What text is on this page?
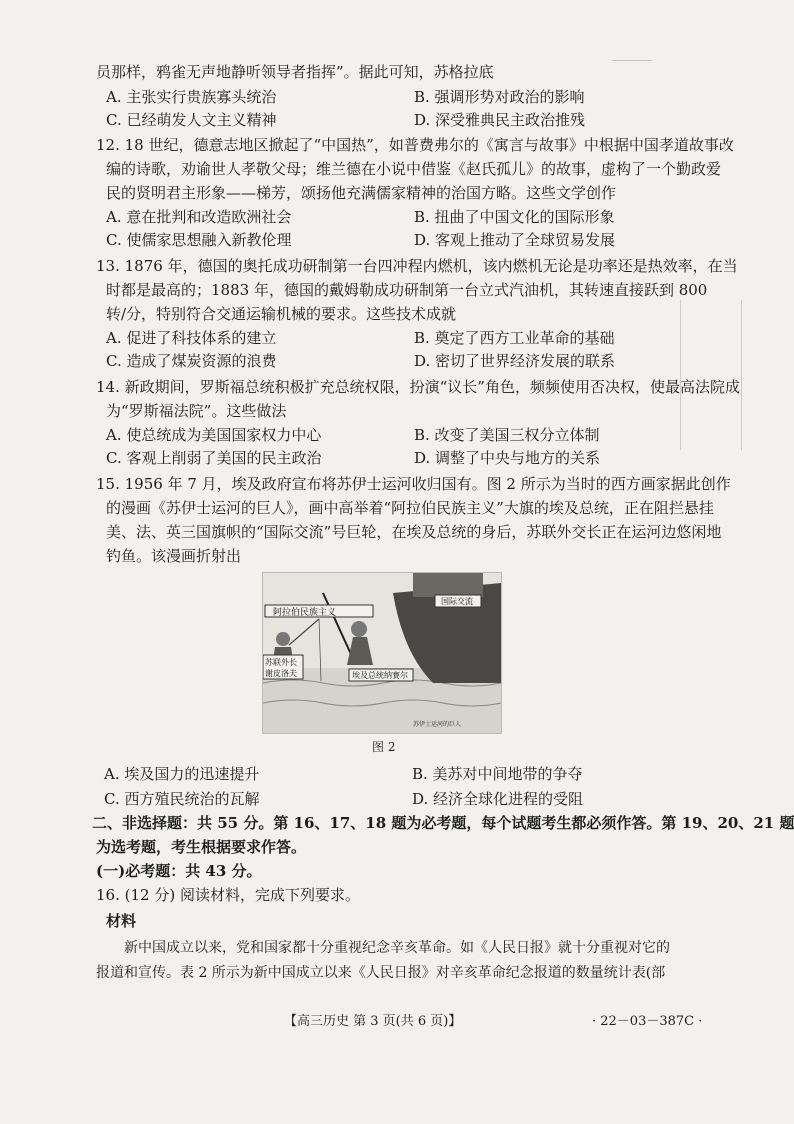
员那样，鸦雀无声地静听领导者指挥”。据此可知，苏格拉底
A. 主张实行贵族寡头统治	B. 强调形势对政治的影响
C. 已经萌发人文主义精神	D. 深受雅典民主政治推残
12. 18 世纪，德意志地区掀起了“中国热”，如普费弗尔的《寓言与故事》中根据中国孝道故事改
编的诗歌，劝谕世人孝敬父母；维兰德在小说中借鉴《赵氏孤儿》的故事，虚构了一个勤政爱
民的贤明君主形象——梯芳，颂扬他充满儒家精神的治国方略。这些文学创作
A. 意在批判和改造欧洲社会	B. 扭曲了中国文化的国际形象
C. 使儒家思想融入新教伦理	D. 客观上推动了全球贸易发展
13. 1876 年，德国的奥托成功研制第一台四冲程内燃机，该内燃机无论是功率还是热效率，在当
时都是最高的；1883 年，德国的戴姆勒成功研制第一台立式汽油机，其转速直接跃到 800
转/分，特别符合交通运输机械的要求。这些技术成就
A. 促进了科技体系的建立	B. 奠定了西方工业革命的基础
C. 造成了煤炭资源的浪费	D. 密切了世界经济发展的联系
14. 新政期间，罗斯福总统积极扩充总统权限，扮演“议长”角色，频频使用否决权，使最高法院成
为“罗斯福法院”。这些做法
A. 使总统成为美国国家权力中心	B. 改变了美国三权分立体制
C. 客观上削弱了美国的民主政治	D. 调整了中央与地方的关系
15. 1956 年 7 月，埃及政府宣布将苏伊士运河收归国有。图 2 所示为当时的西方画家据此创作
的漫画《苏伊士运河的巨人》，画中高举着“阿拉伯民族主义”大旗的埃及总统，正在阻拦悬挂
美、法、英三国旗帜的“国际交流”号巨轮，在埃及总统的身后，苏联外交长正在运河边悠闲地
钓鱼。该漫画折射出
阿拉伯民族主义
国际交流
苏联外长
谢皮洛夫	埃及总统纳赛尔
苏伊士运河的巨人
图 2
A. 埃及国力的迅速提升	B. 美苏对中间地带的争夺
C. 西方殖民统治的瓦解	D. 经济全球化进程的受阻
二、非选择题：共 55 分。第 16、17、18 题为必考题，每个试题考生都必须作答。第 19、20、21 题
为选考题，考生根据要求作答。
(一)必考题：共 43 分。
16. (12 分) 阅读材料，完成下列要求。
材料
新中国成立以来，党和国家都十分重视纪念辛亥革命。如《人民日报》就十分重视对它的
报道和宣传。表 2 所示为新中国成立以来《人民日报》对辛亥革命纪念报道的数量统计表(部
【高三历史 第 3 页(共 6 页)】	· 22－03－387C ·
